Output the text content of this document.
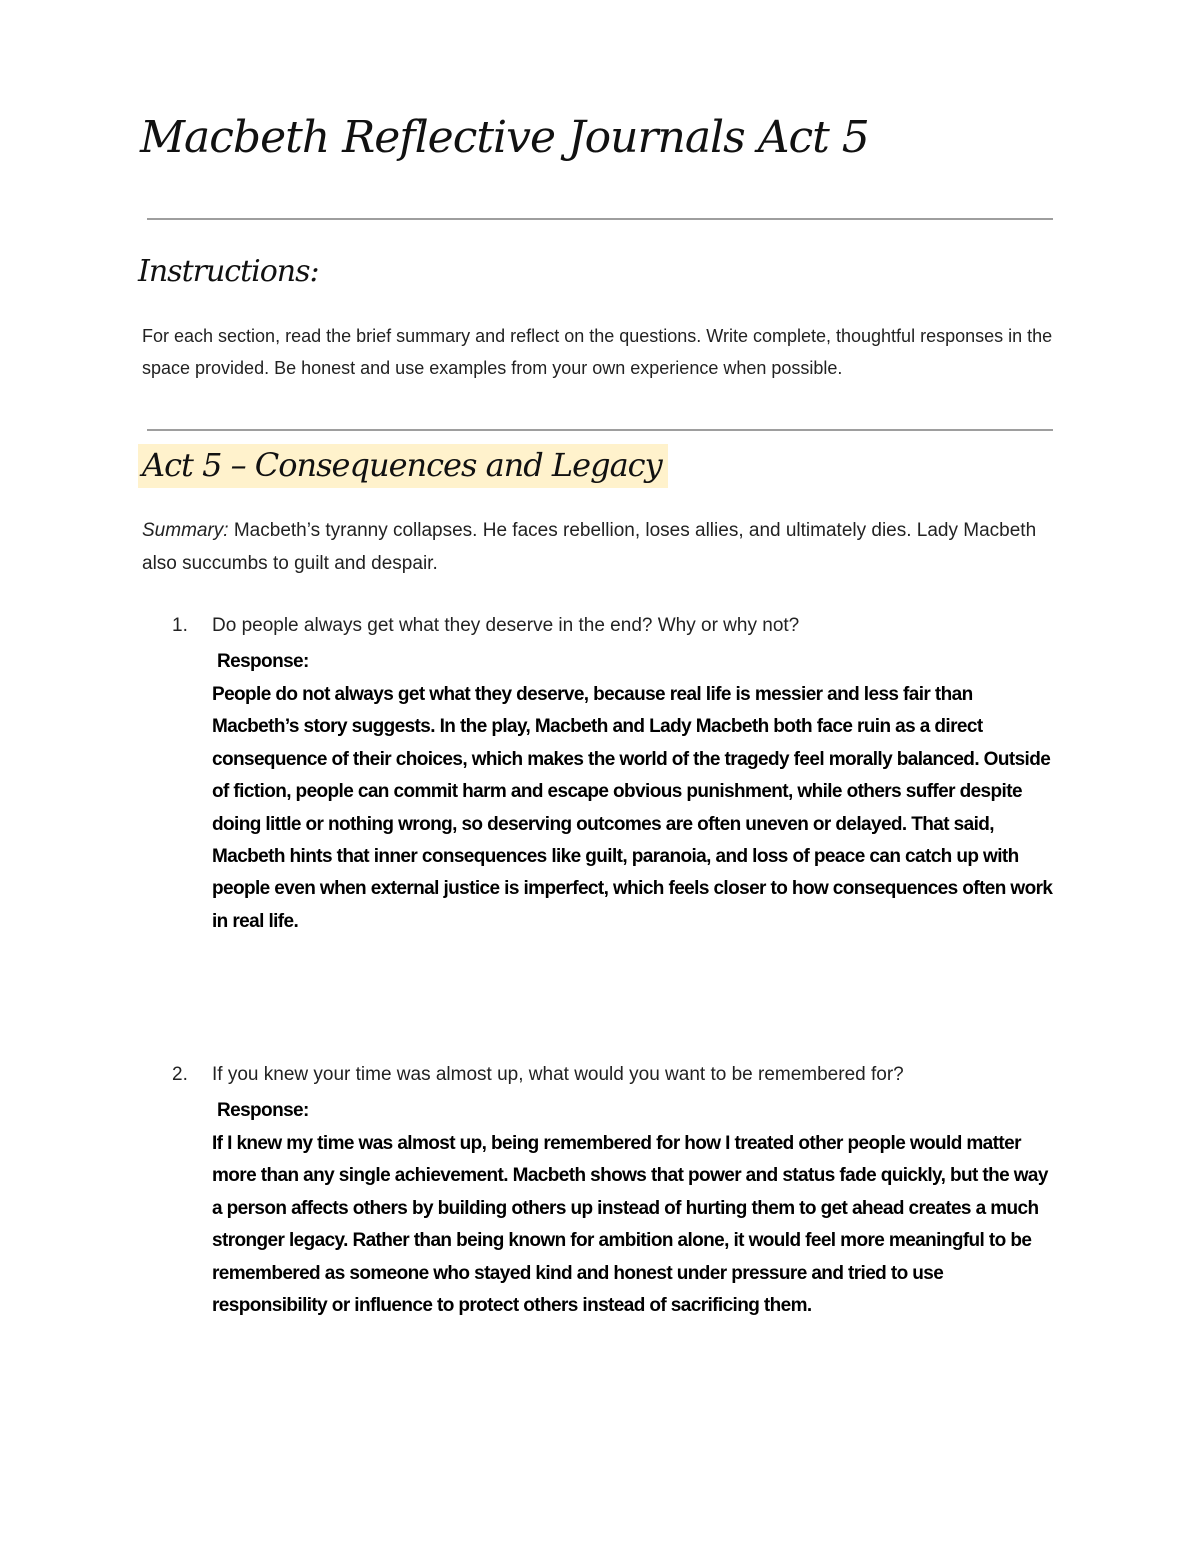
Macbeth Reflective Journals Act 5
Instructions:

For each section, read the brief summary and reflect on the questions. Write complete, thoughtful responses in the space provided. Be honest and use examples from your own experience when possible.

Act 5 – Consequences and Legacy

Summary: Macbeth’s tyranny collapses. He faces rebellion, loses allies, and ultimately dies. Lady Macbeth also succumbs to guilt and despair.

1. Do people always get what they deserve in the end? Why or why not?
Response:

People do not always get what they deserve, because real life is messier and less fair than Macbeth’s story suggests. In the play, Macbeth and Lady Macbeth both face ruin as a direct consequence of their choices, which makes the world of the tragedy feel morally balanced. Outside of fiction, people can commit harm and escape obvious punishment, while others suffer despite doing little or nothing wrong, so deserving outcomes are often uneven or delayed. That said, Macbeth hints that inner consequences like guilt, paranoia, and loss of peace can catch up with people even when external justice is imperfect, which feels closer to how consequences often work in real life.

2. If you knew your time was almost up, what would you want to be remembered for?
Response:

If I knew my time was almost up, being remembered for how I treated other people would matter more than any single achievement. Macbeth shows that power and status fade quickly, but the way a person affects others by building others up instead of hurting them to get ahead creates a much stronger legacy. Rather than being known for ambition alone, it would feel more meaningful to be remembered as someone who stayed kind and honest under pressure and tried to use responsibility or influence to protect others instead of sacrificing them.
